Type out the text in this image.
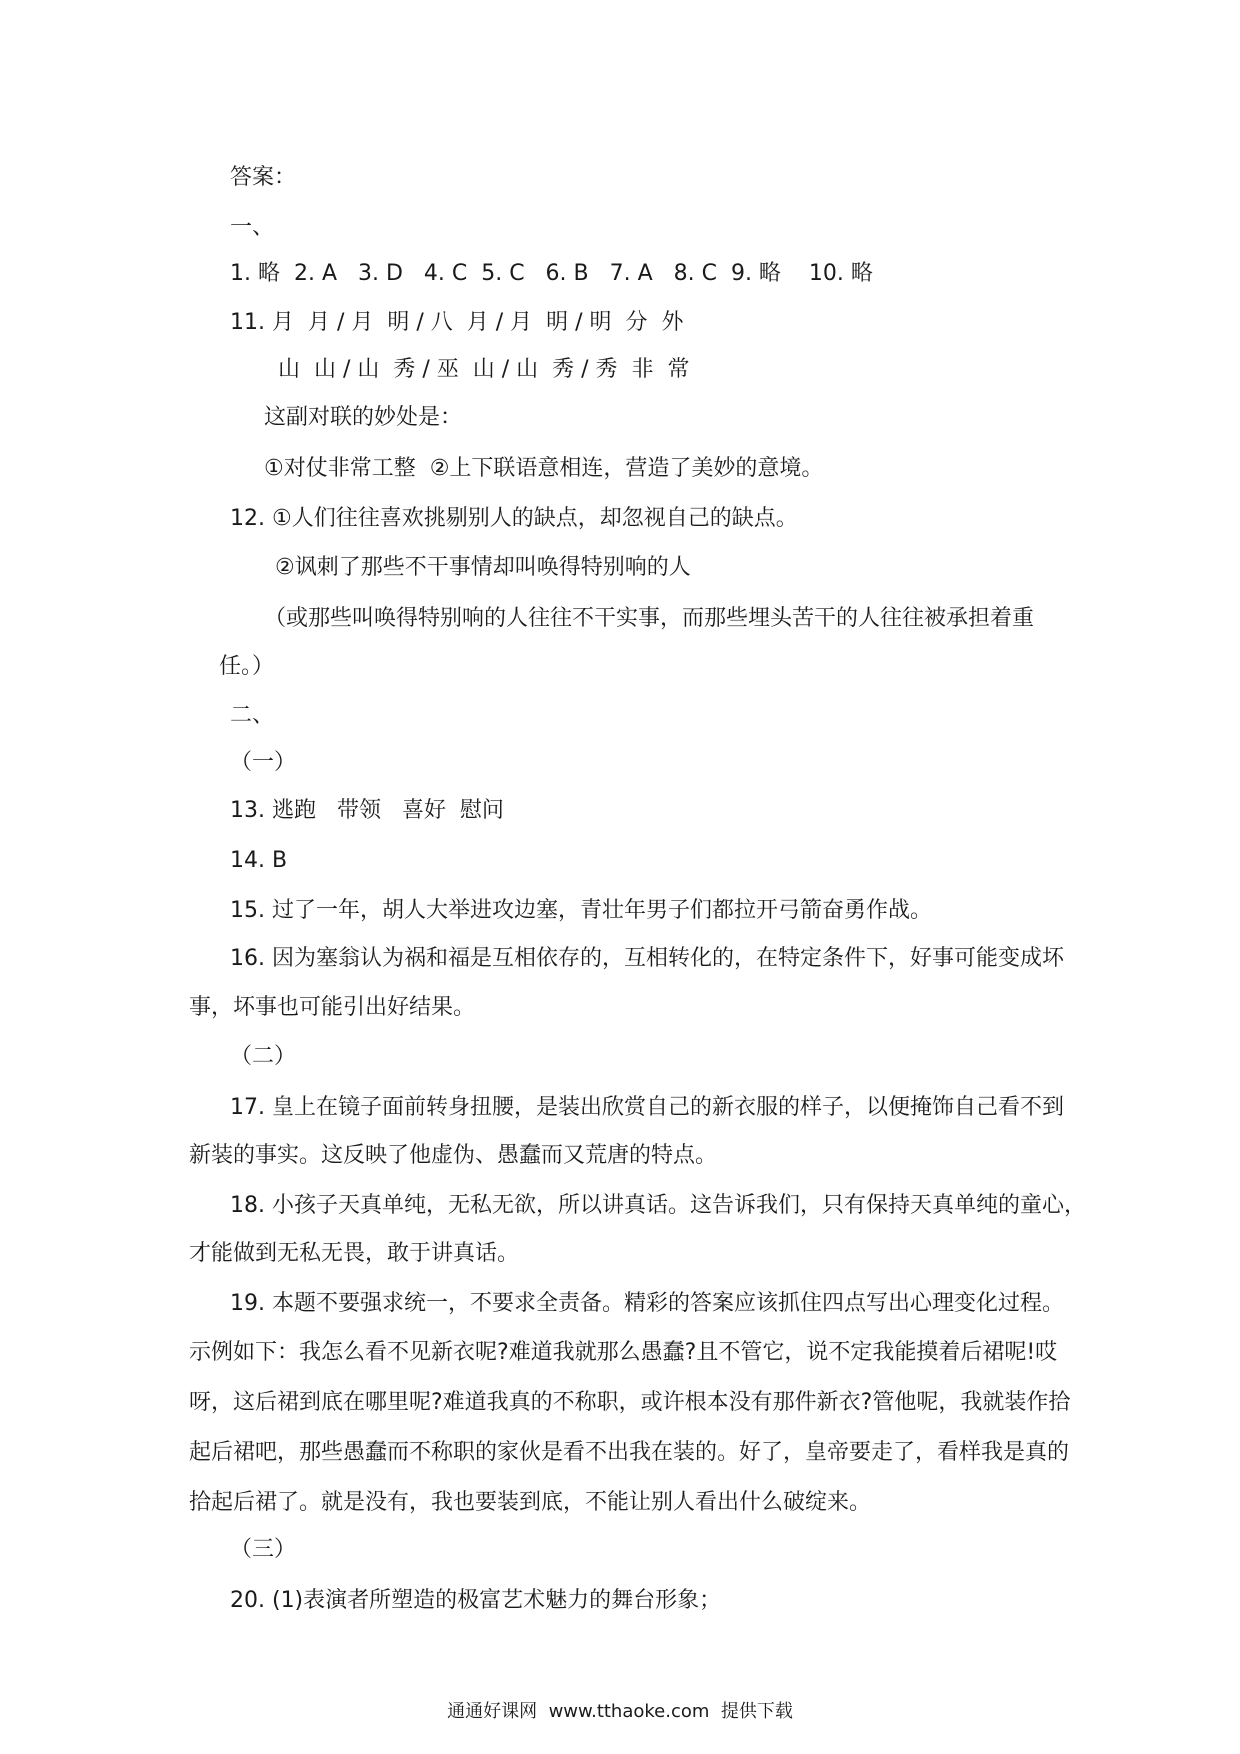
答案：

一、

1. 略  2. A   3. D   4. C  5. C   6. B   7. A   8. C  9. 略    10. 略

11. 月  月 / 月  明 / 八  月 / 月  明 / 明  分  外

山  山 / 山  秀 / 巫  山 / 山  秀 / 秀  非  常

这副对联的妙处是：

①对仗非常工整  ②上下联语意相连，营造了美妙的意境。

12. ①人们往往喜欢挑剔别人的缺点，却忽视自己的缺点。

②讽刺了那些不干事情却叫唤得特别响的人

（或那些叫唤得特别响的人往往不干实事，而那些埋头苦干的人往往被承担着重

任。）

二、

（一）

13. 逃跑   带领   喜好  慰问

14. B

15. 过了一年，胡人大举进攻边塞，青壮年男子们都拉开弓箭奋勇作战。

16. 因为塞翁认为祸和福是互相依存的，互相转化的，在特定条件下，好事可能变成坏

事，坏事也可能引出好结果。

（二）

17. 皇上在镜子面前转身扭腰，是装出欣赏自己的新衣服的样子，以便掩饰自己看不到

新装的事实。这反映了他虚伪、愚蠢而又荒唐的特点。

18. 小孩子天真单纯，无私无欲，所以讲真话。这告诉我们，只有保持天真单纯的童心，

才能做到无私无畏，敢于讲真话。

19. 本题不要强求统一，不要求全责备。精彩的答案应该抓住四点写出心理变化过程。

示例如下：我怎么看不见新衣呢?难道我就那么愚蠢?且不管它，说不定我能摸着后裙呢!哎

呀，这后裙到底在哪里呢?难道我真的不称职，或许根本没有那件新衣?管他呢，我就装作拾

起后裙吧，那些愚蠢而不称职的家伙是看不出我在装的。好了，皇帝要走了，看样我是真的

拾起后裙了。就是没有，我也要装到底，不能让别人看出什么破绽来。

（三）

20. (1)表演者所塑造的极富艺术魅力的舞台形象；

通通好课网  www.tthaoke.com  提供下载
